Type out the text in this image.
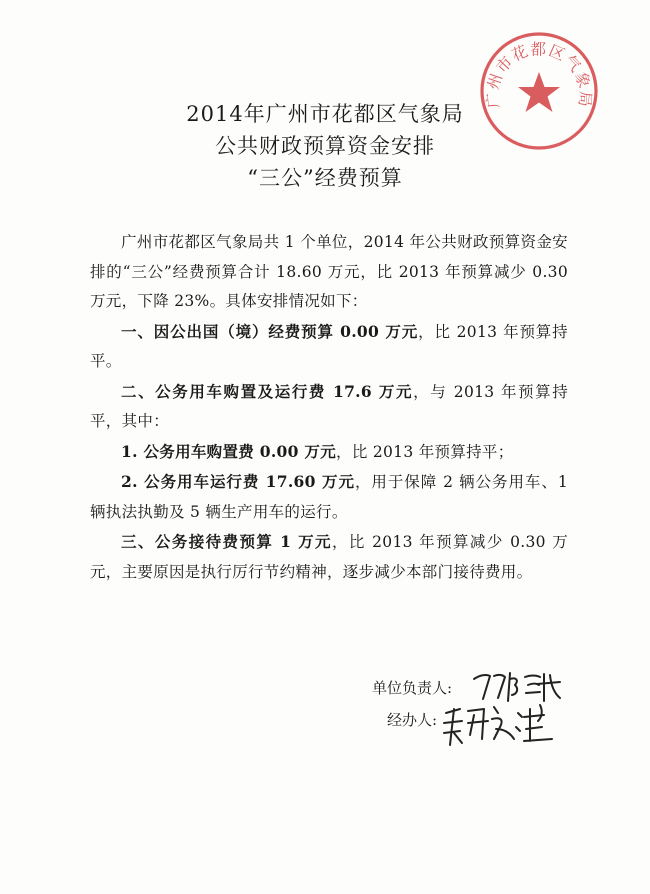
广州市花都区气象局
2014年广州市花都区气象局
公共财政预算资金安排
“三公”经费预算

广州市花都区气象局共 1 个单位，2014 年公共财政预算资金安排的“三公”经费预算合计 18.60 万元，比 2013 年预算减少 0.30 万元，下降 23%。具体安排情况如下：

一、因公出国（境）经费预算 0.00 万元，比 2013 年预算持平。

二、公务用车购置及运行费 17.6 万元，与 2013 年预算持平，其中：

1. 公务用车购置费 0.00 万元，比 2013 年预算持平；

2. 公务用车运行费 17.60 万元，用于保障 2 辆公务用车、1 辆执法执勤及 5 辆生产用车的运行。

三、公务接待费预算 1 万元，比 2013 年预算减少 0.30 万元，主要原因是执行厉行节约精神，逐步减少本部门接待费用。

单位负责人:
经办人:
